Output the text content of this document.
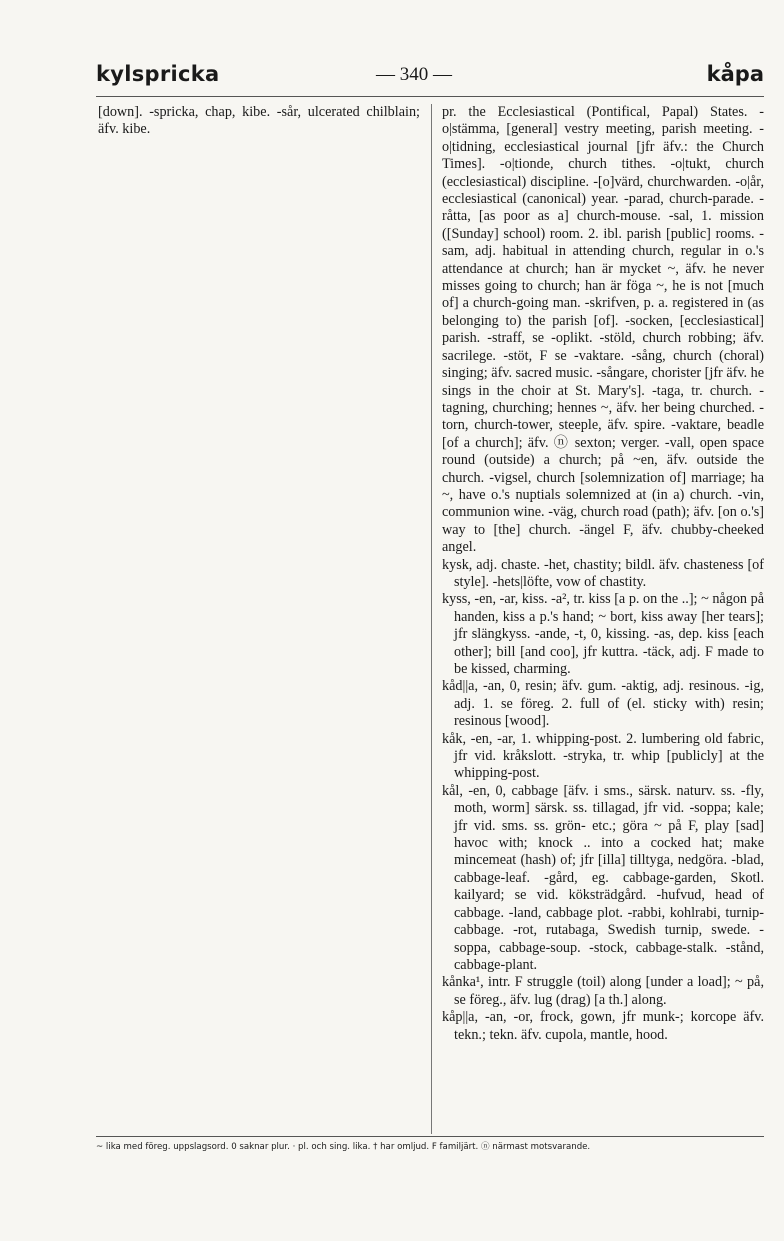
kylspricka	— 340 —	kåpa
[down]. -spricka, chap, kibe. -sår, ulcerated chilblain; äfv. kibe.
pr. the Ecclesiastical (Pontifical, Papal) States. -o|stämma, [general] vestry meeting, parish meeting. -o|tidning, ecclesiastical journal [jfr äfv.: the Church Times]. -o|tionde, church tithes. -o|tukt, church (ecclesiastical) discipline. -[o]värd, churchwarden. -o|år, ecclesiastical (canonical) year. -parad, church-parade. -råtta, [as poor as a] church-mouse. -sal, 1. mission ([Sunday] school) room. 2. ibl. parish [public] rooms. -sam, adj. habitual in attending church, regular in o.'s attendance at church; han är mycket ~, äfv. he never misses going to church; han är föga ~, he is not [much of] a church-going man. -skrifven, p. a. registered in (as belonging to) the parish [of]. -socken, [ecclesiastical] parish. -straff, se -oplikt. -stöld, church robbing; äfv. sacrilege. -stöt, F se -vaktare. -sång, church (choral) singing; äfv. sacred music. -sångare, chorister [jfr äfv. he sings in the choir at St. Mary's]. -taga, tr. church. -tagning, churching; hennes ~, äfv. her being churched. -torn, church-tower, steeple, äfv. spire. -vaktare, beadle [of a church]; äfv. ⓝ sexton; verger. -vall, open space round (outside) a church; på ~en, äfv. outside the church. -vigsel, church [solemnization of] marriage; ha ~, have o.'s nuptials solemnized at (in a) church. -vin, communion wine. -väg, church road (path); äfv. [on o.'s] way to [the] church. -ängel F, äfv. chubby-cheeked angel.
kysk, adj. chaste. -het, chastity; bildl. äfv. chasteness [of style]. -hets|löfte, vow of chastity.
kyss, -en, -ar, kiss. -a², tr. kiss [a p. on the ..]; ~ någon på handen, kiss a p.'s hand; ~ bort, kiss away [her tears]; jfr slängkyss. -ande, -t, 0, kissing. -as, dep. kiss [each other]; bill [and coo], jfr kuttra. -täck, adj. F made to be kissed, charming.
kåd||a, -an, 0, resin; äfv. gum. -aktig, adj. resinous. -ig, adj. 1. se föreg. 2. full of (el. sticky with) resin; resinous [wood].
kåk, -en, -ar, 1. whipping-post. 2. lumbering old fabric, jfr vid. kråkslott. -stryka, tr. whip [publicly] at the whipping-post.
kål, -en, 0, cabbage [äfv. i sms., särsk. naturv. ss. -fly, moth, worm] särsk. ss. tillagad, jfr vid. -soppa; kale; jfr vid. sms. ss. grön- etc.; göra ~ på F, play [sad] havoc with; knock .. into a cocked hat; make mincemeat (hash) of; jfr [illa] tilltyga, nedgöra. -blad, cabbage-leaf. -gård, eg. cabbage-garden, Skotl. kailyard; se vid. köksträdgård. -hufvud, head of cabbage. -land, cabbage plot. -rabbi, kohlrabi, turnip-cabbage. -rot, rutabaga, Swedish turnip, swede. -soppa, cabbage-soup. -stock, cabbage-stalk. -stånd, cabbage-plant.
kånka¹, intr. F struggle (toil) along [under a load]; ~ på, se föreg., äfv. lug (drag) [a th.] along.
kåp||a, -an, -or, frock, gown, jfr munk-; korcope äfv. tekn.; tekn. äfv. cupola, mantle, hood.
~ lika med föreg. uppslagsord. 0 saknar plur. · pl. och sing. lika. † har omljud. F familjärt. ⓝ närmast motsvarande.
